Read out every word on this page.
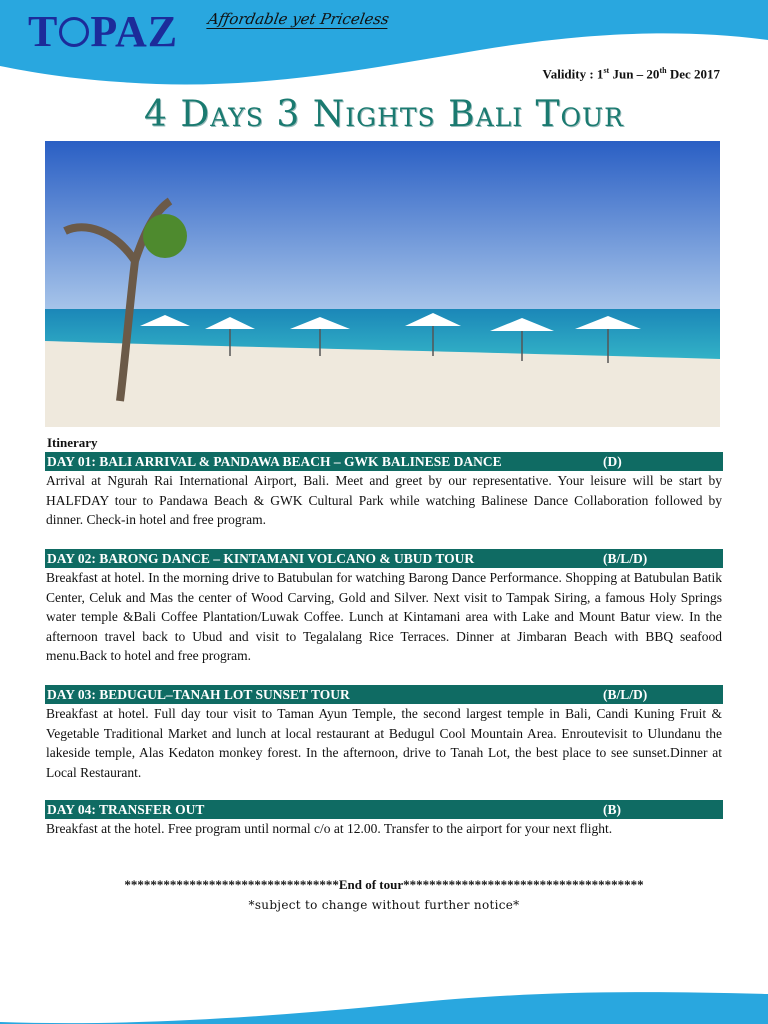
T PAZ Affordable yet Priceless
Validity : 1st Jun – 20th Dec 2017
4 Days 3 Nights Bali Tour
Itinerary
DAY 01: BALI ARRIVAL & PANDAWA BEACH – GWK BALINESE DANCE	(D)
Arrival at Ngurah Rai International Airport, Bali. Meet and greet by our representative. Your leisure will be start by HALFDAY tour to Pandawa Beach & GWK Cultural Park while watching Balinese Dance Collaboration followed by dinner. Check-in hotel and free program.
DAY 02: BARONG DANCE – KINTAMANI VOLCANO & UBUD TOUR	(B/L/D)
Breakfast at hotel. In the morning drive to Batubulan for watching Barong Dance Performance. Shopping at Batubulan Batik Center, Celuk and Mas the center of Wood Carving, Gold and Silver. Next visit to Tampak Siring, a famous Holy Springs water temple &Bali Coffee Plantation/Luwak Coffee. Lunch at Kintamani area with Lake and Mount Batur view. In the afternoon travel back to Ubud and visit to Tegalalang Rice Terraces. Dinner at Jimbaran Beach with BBQ seafood menu.Back to hotel and free program.
DAY 03: BEDUGUL–TANAH LOT SUNSET TOUR	(B/L/D)
Breakfast at hotel. Full day tour visit to Taman Ayun Temple, the second largest temple in Bali, Candi Kuning Fruit & Vegetable Traditional Market and lunch at local restaurant at Bedugul Cool Mountain Area. Enroutevisit to Ulundanu the lakeside temple, Alas Kedaton monkey forest. In the afternoon, drive to Tanah Lot, the best place to see sunset.Dinner at Local Restaurant.
DAY 04: TRANSFER OUT	(B)
Breakfast at the hotel. Free program until normal c/o at 12.00. Transfer to the airport for your next flight.
*********************************End of tour*************************************
*subject to change without further notice*
